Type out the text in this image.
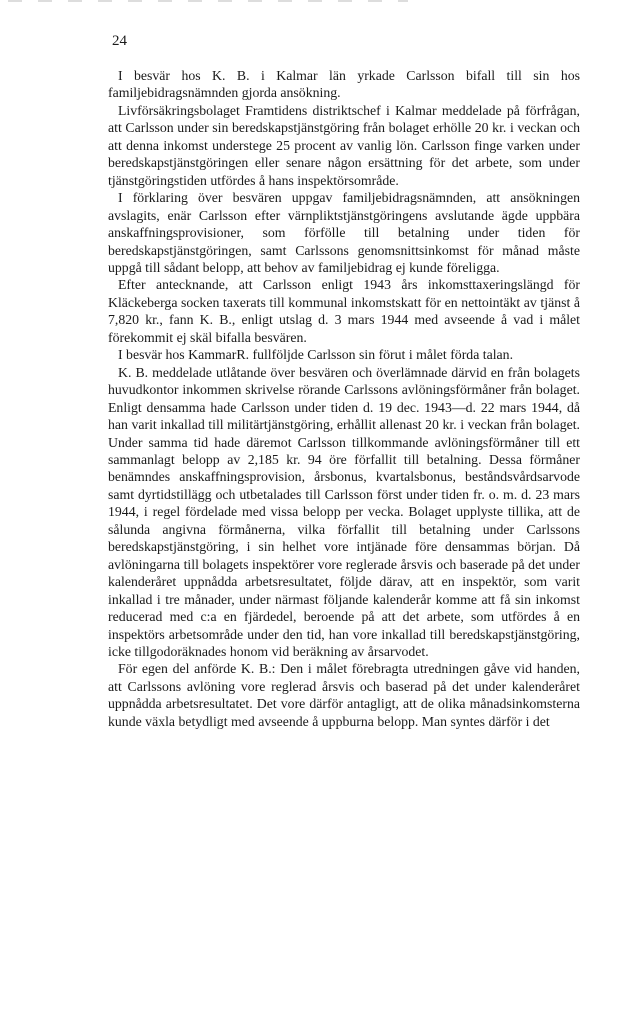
24

I besvär hos K. B. i Kalmar län yrkade Carlsson bifall till sin hos familjebidragsnämnden gjorda ansökning.

Livförsäkringsbolaget Framtidens distriktschef i Kalmar meddelade på förfrågan, att Carlsson under sin beredskapstjänstgöring från bolaget erhölle 20 kr. i veckan och att denna inkomst understege 25 procent av vanlig lön. Carlsson finge varken under beredskapstjänstgöringen eller senare någon ersättning för det arbete, som under tjänstgöringstiden utfördes å hans inspektörsområde.

I förklaring över besvären uppgav familjebidragsnämnden, att ansökningen avslagits, enär Carlsson efter värnpliktstjänstgöringens avslutande ägde uppbära anskaffningsprovisioner, som förfölle till betalning under tiden för beredskapstjänstgöringen, samt Carlssons genomsnittsinkomst för månad måste uppgå till sådant belopp, att behov av familjebidrag ej kunde föreligga.

Efter antecknande, att Carlsson enligt 1943 års inkomsttaxeringslängd för Kläckeberga socken taxerats till kommunal inkomstskatt för en nettointäkt av tjänst å 7,820 kr., fann K. B., enligt utslag d. 3 mars 1944 med avseende å vad i målet förekommit ej skäl bifalla besvären.

I besvär hos KammarR. fullföljde Carlsson sin förut i målet förda talan.

K. B. meddelade utlåtande över besvären och överlämnade därvid en från bolagets huvudkontor inkommen skrivelse rörande Carlssons avlöningsförmåner från bolaget. Enligt densamma hade Carlsson under tiden d. 19 dec. 1943—d. 22 mars 1944, då han varit inkallad till militärtjänstgöring, erhållit allenast 20 kr. i veckan från bolaget. Under samma tid hade däremot Carlsson tillkommande avlöningsförmåner till ett sammanlagt belopp av 2,185 kr. 94 öre förfallit till betalning. Dessa förmåner benämndes anskaffningsprovision, årsbonus, kvartalsbonus, beståndsvårdsarvode samt dyrtidstillägg och utbetalades till Carlsson först under tiden fr. o. m. d. 23 mars 1944, i regel fördelade med vissa belopp per vecka. Bolaget upplyste tillika, att de sålunda angivna förmånerna, vilka förfallit till betalning under Carlssons beredskapstjänstgöring, i sin helhet vore intjänade före densammas början. Då avlöningarna till bolagets inspektörer vore reglerade årsvis och baserade på det under kalenderåret uppnådda arbetsresultatet, följde därav, att en inspektör, som varit inkallad i tre månader, under närmast följande kalenderår komme att få sin inkomst reducerad med c:a en fjärdedel, beroende på att det arbete, som utfördes å en inspektörs arbetsområde under den tid, han vore inkallad till beredskapstjänstgöring, icke tillgodoräknades honom vid beräkning av årsarvodet.

För egen del anförde K. B.: Den i målet förebragta utredningen gåve vid handen, att Carlssons avlöning vore reglerad årsvis och baserad på det under kalenderåret uppnådda arbetsresultatet. Det vore därför antagligt, att de olika månadsinkomsterna kunde växla betydligt med avseende å uppburna belopp. Man syntes därför i det
